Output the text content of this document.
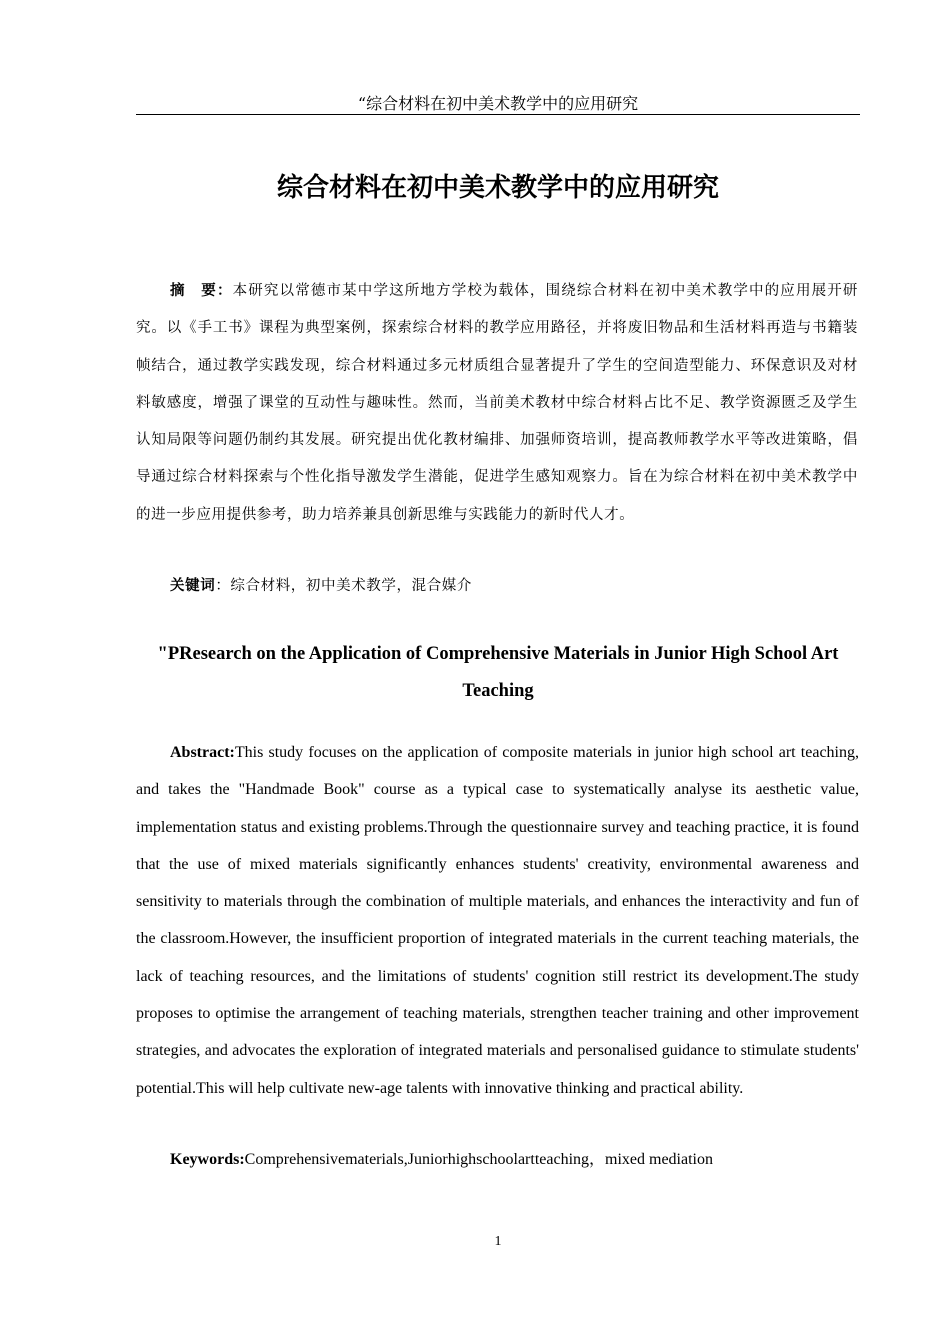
“综合材料在初中美术教学中的应用研究
综合材料在初中美术教学中的应用研究
摘　要：本研究以常德市某中学这所地方学校为载体，围绕综合材料在初中美术教学中的应用展开研究。以《手工书》课程为典型案例，探索综合材料的教学应用路径，并将废旧物品和生活材料再造与书籍装帧结合，通过教学实践发现，综合材料通过多元材质组合显著提升了学生的空间造型能力、环保意识及对材料敏感度，增强了课堂的互动性与趣味性。然而，当前美术教材中综合材料占比不足、教学资源匮乏及学生认知局限等问题仍制约其发展。研究提出优化教材编排、加强师资培训，提高教师教学水平等改进策略，倡导通过综合材料探索与个性化指导激发学生潜能，促进学生感知观察力。旨在为综合材料在初中美术教学中的进一步应用提供参考，助力培养兼具创新思维与实践能力的新时代人才。
关键词：综合材料，初中美术教学，混合媒介
"PResearch on the Application of Comprehensive Materials in Junior High School Art Teaching
Abstract:This study focuses on the application of composite materials in junior high school art teaching, and takes the "Handmade Book" course as a typical case to systematically analyse its aesthetic value, implementation status and existing problems.Through the questionnaire survey and teaching practice, it is found that the use of mixed materials significantly enhances students' creativity, environmental awareness and sensitivity to materials through the combination of multiple materials, and enhances the interactivity and fun of the classroom.However, the insufficient proportion of integrated materials in the current teaching materials, the lack of teaching resources, and the limitations of students' cognition still restrict its development.The study proposes to optimise the arrangement of teaching materials, strengthen teacher training and other improvement strategies, and advocates the exploration of integrated materials and personalised guidance to stimulate students' potential.This will help cultivate new-age talents with innovative thinking and practical ability.
Keywords:Comprehensivematerials,Juniorhighschoolartteaching，mixed mediation
1
